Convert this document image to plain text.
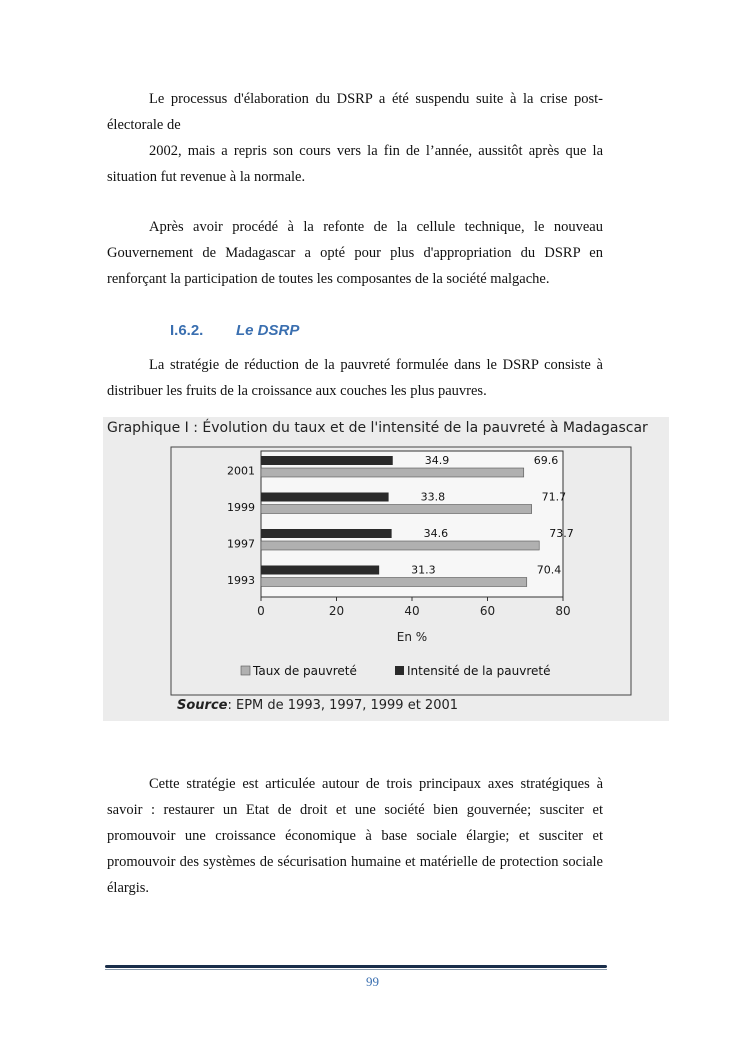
Le processus d'élaboration du DSRP a été suspendu suite à la crise post-électorale de
2002, mais a repris son cours vers la fin de l’année, aussitôt après que la situation fut revenue à la normale.
Après avoir procédé à la refonte de la cellule technique, le nouveau Gouvernement de Madagascar a opté pour plus d'appropriation du DSRP en renforçant la participation de toutes les composantes de la société malgache.
I.6.2. Le DSRP
La stratégie de réduction de la pauvreté formulée dans le DSRP consiste à distribuer les fruits de la croissance aux couches les plus pauvres.
Graphique I : Évolution du taux et de l'intensité de la pauvreté à Madagascar
0	20	40	60	80
En %
2001
34.9	69.6
1999
33.8	71.7
1997
34.6	73.7
1993
31.3	70.4
Taux de pauvreté	Intensité de la pauvreté
Source: EPM de 1993, 1997, 1999 et 2001

Cette stratégie est articulée autour de trois principaux axes stratégiques à savoir : restaurer un Etat de droit et une société bien gouvernée; susciter et promouvoir une croissance économique à base sociale élargie; et susciter et promouvoir des systèmes de sécurisation humaine et matérielle de protection sociale élargis.

99
